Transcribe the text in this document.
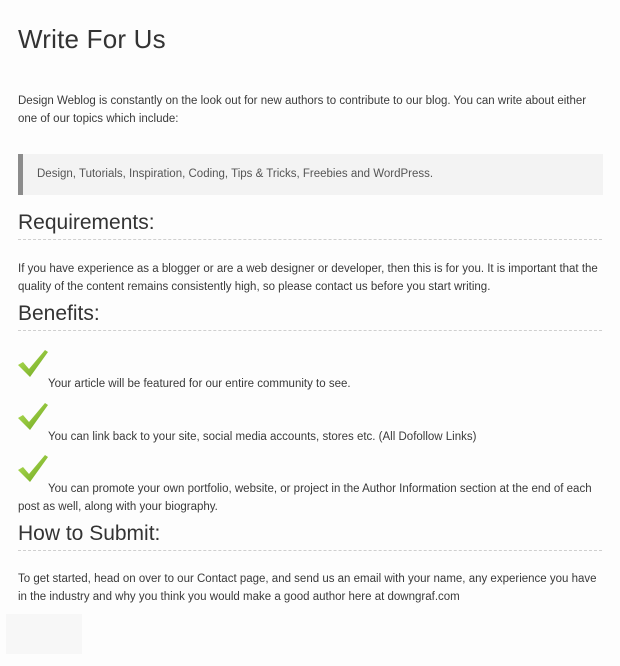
Write For Us

Design Weblog is constantly on the look out for new authors to contribute to our blog. You can write about either one of our topics which include:

Design, Tutorials, Inspiration, Coding, Tips & Tricks, Freebies and WordPress.
Requirements:

If you have experience as a blogger or are a web designer or developer, then this is for you. It is important that the quality of the content remains consistently high, so please contact us before you start writing.

Benefits:

Your article will be featured for our entire community to see.

You can link back to your site, social media accounts, stores etc. (All Dofollow Links)

You can promote your own portfolio, website, or project in the Author Information section at the end of each post as well, along with your biography.

How to Submit:

To get started, head on over to our Contact page, and send us an email with your name, any experience you have in the industry and why you think you would make a good author here at downgraf.com
